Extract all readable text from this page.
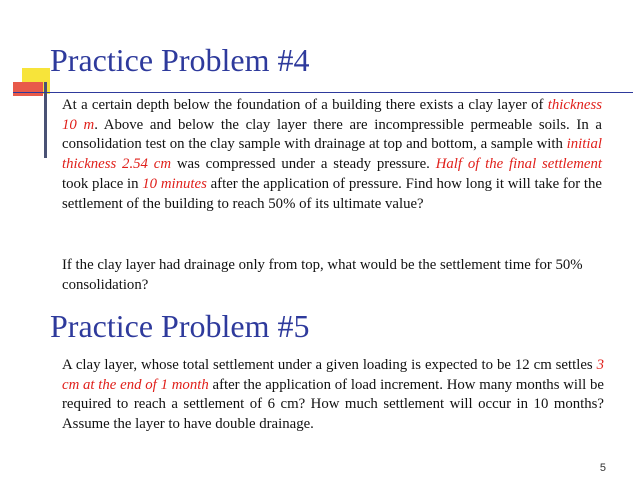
Practice Problem #4

At a certain depth below the foundation of a building there exists a clay layer of thickness 10 m. Above and below the clay layer there are incompressible permeable soils. In a consolidation test on the clay sample with drainage at top and bottom, a sample with initial thickness 2.54 cm was compressed under a steady pressure. Half of the final settlement took place in 10 minutes after the application of pressure. Find how long it will take for the settlement of the building to reach 50% of its ultimate value?

If the clay layer had drainage only from top, what would be the settlement time for 50% consolidation?

Practice Problem #5

A clay layer, whose total settlement under a given loading is expected to be 12 cm settles 3 cm at the end of 1 month after the application of load increment. How many months will be required to reach a settlement of 6 cm? How much settlement will occur in 10 months? Assume the layer to have double drainage.

5
